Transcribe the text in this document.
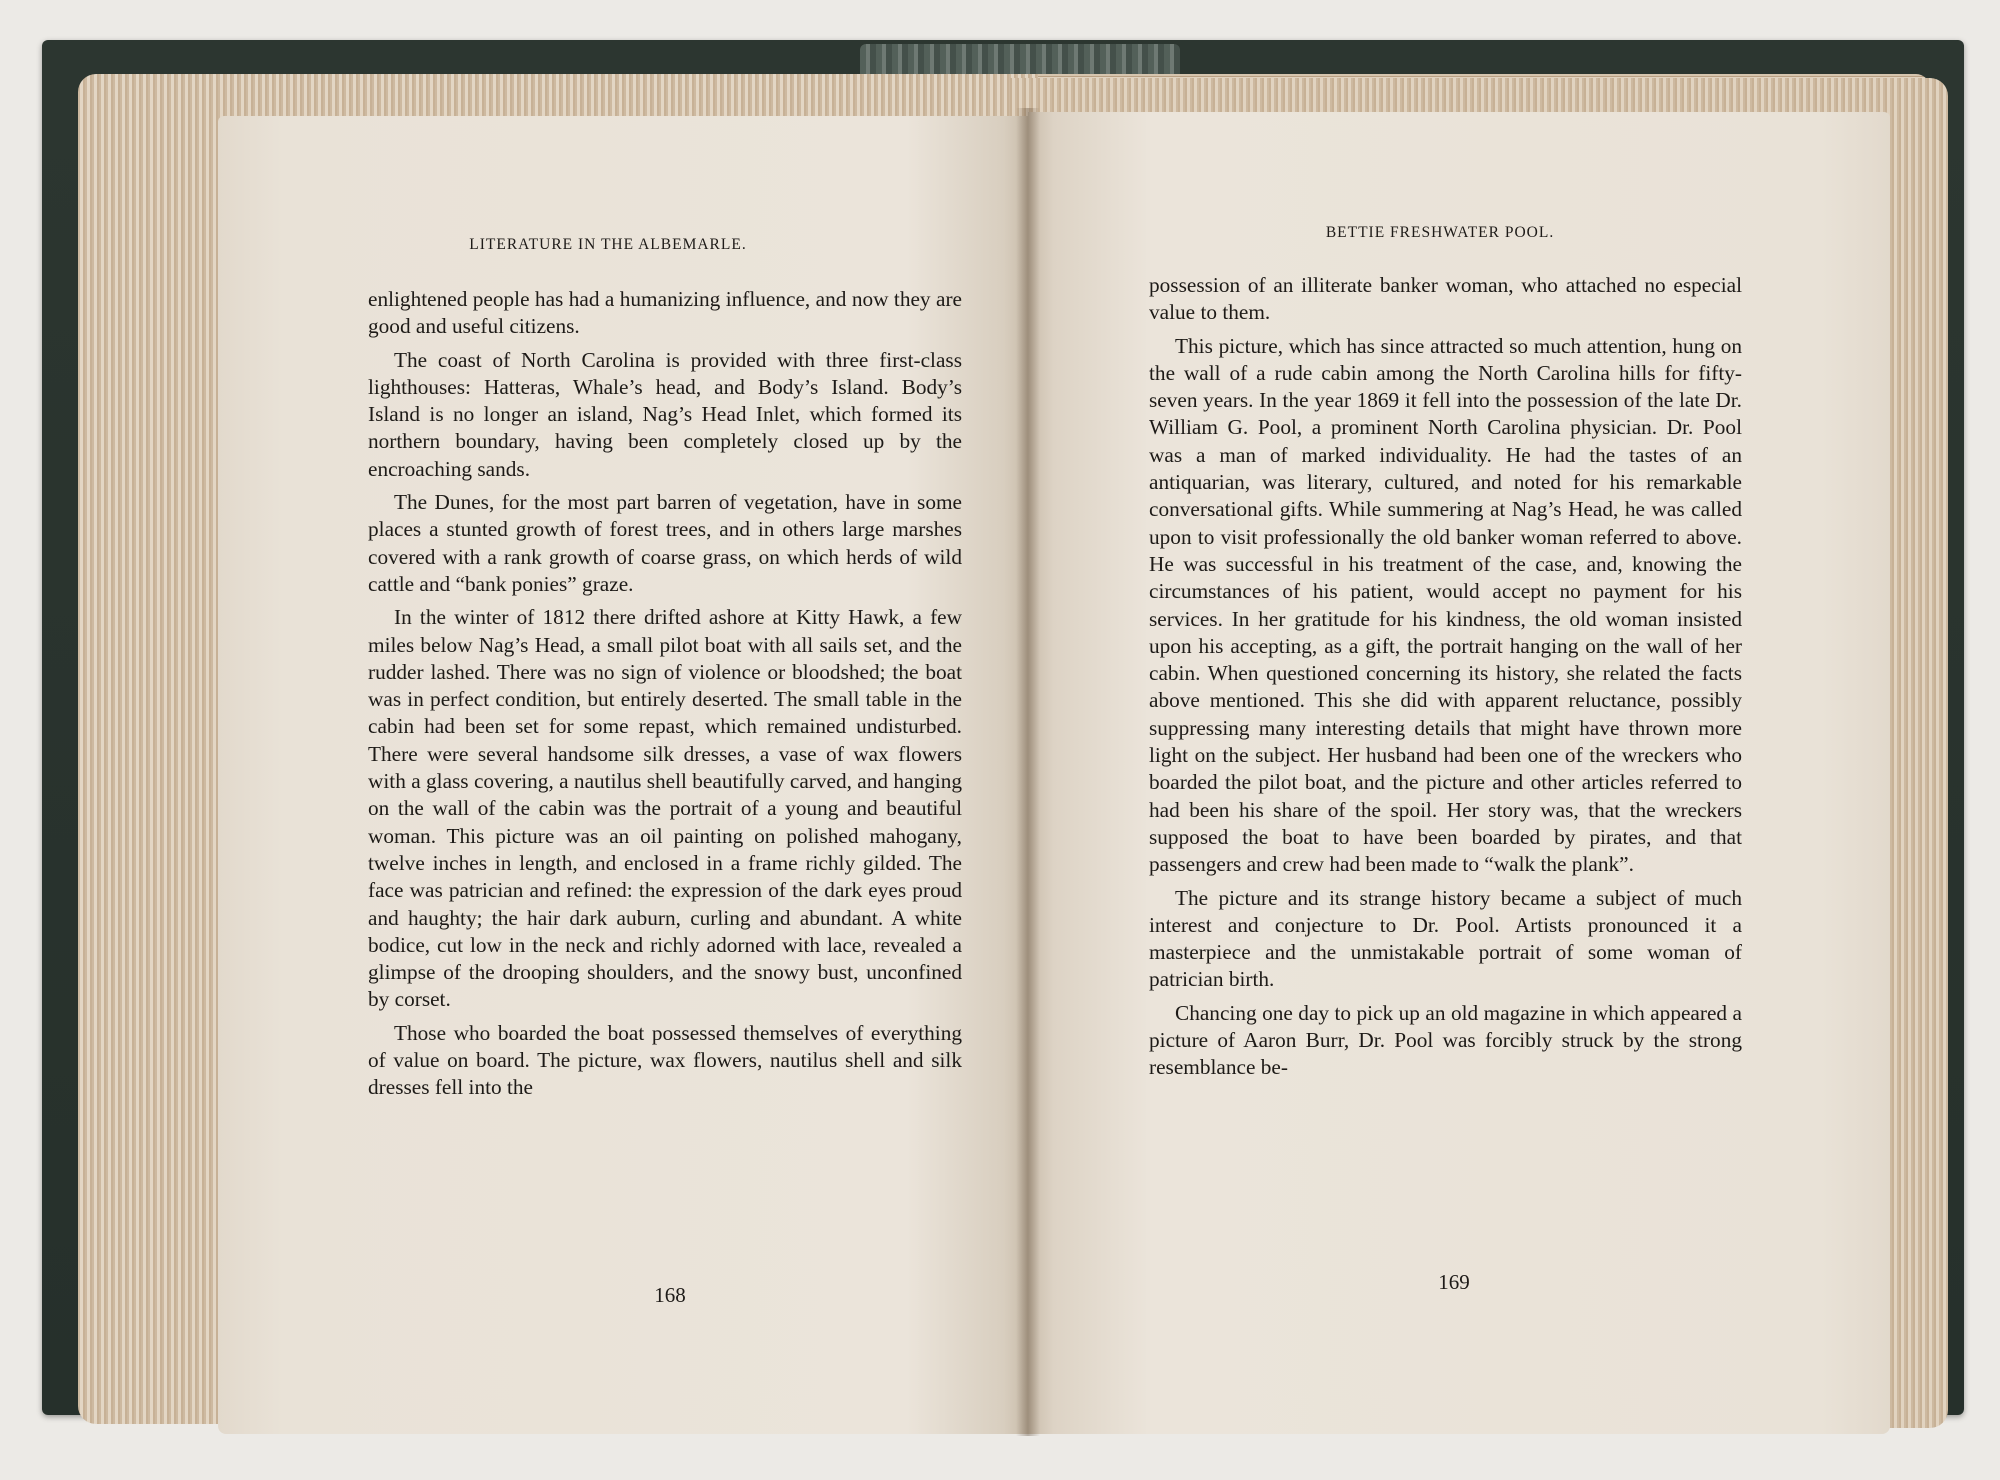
LITERATURE IN THE ALBEMARLE.

enlightened people has had a humanizing influence, and now they are good and useful citizens.

The coast of North Carolina is provided with three first-class lighthouses: Hatteras, Whale’s head, and Body’s Island. Body’s Island is no longer an island, Nag’s Head Inlet, which formed its northern boundary, having been completely closed up by the encroaching sands.

The Dunes, for the most part barren of vegetation, have in some places a stunted growth of forest trees, and in others large marshes covered with a rank growth of coarse grass, on which herds of wild cattle and “bank ponies” graze.

In the winter of 1812 there drifted ashore at Kitty Hawk, a few miles below Nag’s Head, a small pilot boat with all sails set, and the rudder lashed. There was no sign of violence or bloodshed; the boat was in perfect condition, but entirely deserted. The small table in the cabin had been set for some repast, which remained undisturbed. There were several handsome silk dresses, a vase of wax flowers with a glass covering, a nautilus shell beautifully carved, and hanging on the wall of the cabin was the portrait of a young and beautiful woman. This picture was an oil painting on polished mahogany, twelve inches in length, and enclosed in a frame richly gilded. The face was patrician and refined: the expression of the dark eyes proud and haughty; the hair dark auburn, curling and abundant. A white bodice, cut low in the neck and richly adorned with lace, revealed a glimpse of the drooping shoulders, and the snowy bust, unconfined by corset.

Those who boarded the boat possessed themselves of everything of value on board. The picture, wax flowers, nautilus shell and silk dresses fell into the

168
BETTIE FRESHWATER POOL.

possession of an illiterate banker woman, who attached no especial value to them.

This picture, which has since attracted so much attention, hung on the wall of a rude cabin among the North Carolina hills for fifty-seven years. In the year 1869 it fell into the possession of the late Dr. William G. Pool, a prominent North Carolina physician. Dr. Pool was a man of marked individuality. He had the tastes of an antiquarian, was literary, cultured, and noted for his remarkable conversational gifts. While summering at Nag’s Head, he was called upon to visit professionally the old banker woman referred to above. He was successful in his treatment of the case, and, knowing the circumstances of his patient, would accept no payment for his services. In her gratitude for his kindness, the old woman insisted upon his accepting, as a gift, the portrait hanging on the wall of her cabin. When questioned concerning its history, she related the facts above mentioned. This she did with apparent reluctance, possibly suppressing many interesting details that might have thrown more light on the subject. Her husband had been one of the wreckers who boarded the pilot boat, and the picture and other articles referred to had been his share of the spoil. Her story was, that the wreckers supposed the boat to have been boarded by pirates, and that passengers and crew had been made to “walk the plank”.

The picture and its strange history became a subject of much interest and conjecture to Dr. Pool. Artists pronounced it a masterpiece and the unmistakable portrait of some woman of patrician birth.

Chancing one day to pick up an old magazine in which appeared a picture of Aaron Burr, Dr. Pool was forcibly struck by the strong resemblance be-

169
